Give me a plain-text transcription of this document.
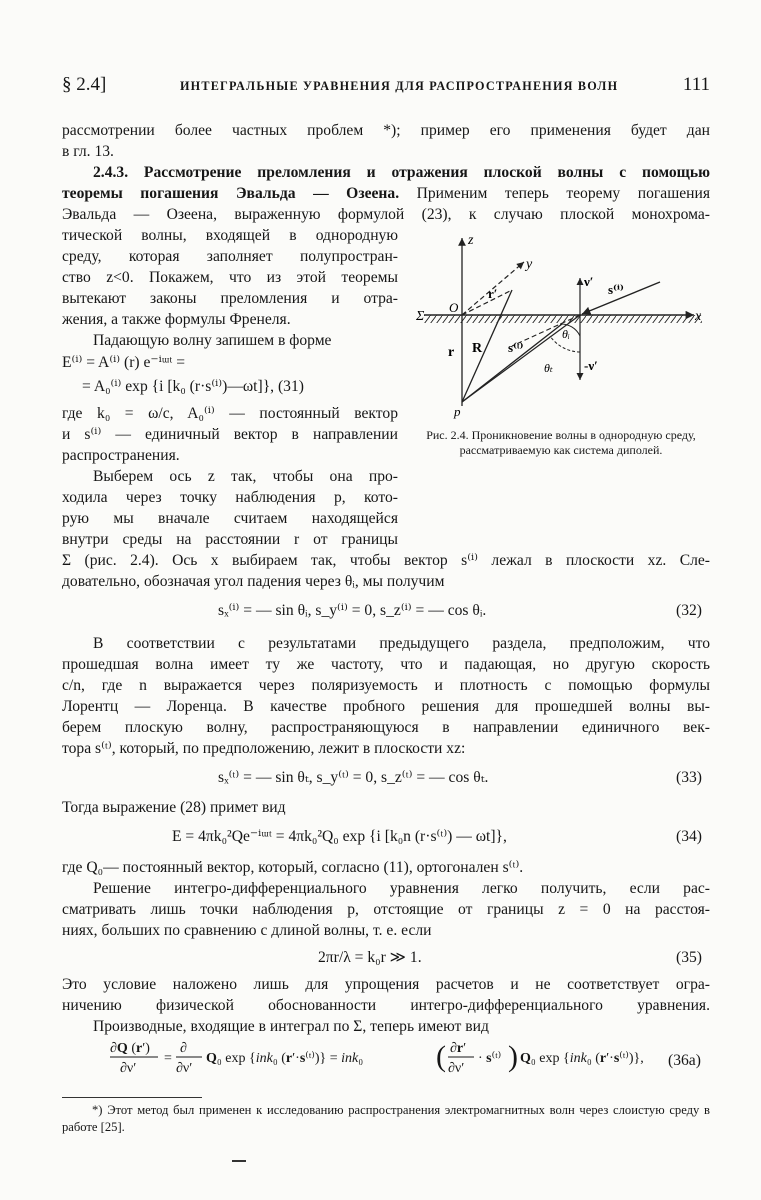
§ 2.4]	ИНТЕГРАЛЬНЫЕ УРАВНЕНИЯ ДЛЯ РАСПРОСТРАНЕНИЯ ВОЛН	111
рассмотрении более частных проблем *); пример его применения будет дан
в гл. 13.
2.4.3. Рассмотрение преломления и отражения плоской волны с помощью
теоремы погашения Эвальда — Озеена. Применим теперь теорему погашения
Эвальда — Озеена, выраженную формулой (23), к случаю плоской монохрома-
тической волны, входящей в однородную
среду, которая заполняет полупростран-
ство z<0. Покажем, что из этой теоремы
вытекают законы преломления и отра-
жения, а также формулы Френеля.
Падающую волну запишем в форме
E⁽ⁱ⁾ = A⁽ⁱ⁾ (r) e⁻ⁱᵚᵗ =
= A₀⁽ⁱ⁾ exp {i [k₀ (r·s⁽ⁱ⁾)—ωt]}, (31)
где k₀ = ω/c, A₀⁽ⁱ⁾ — постоянный вектор
и s⁽ⁱ⁾ — единичный вектор в направлении
распространения.
Выберем ось z так, чтобы она про-
ходила через точку наблюдения p, кото-
рую мы вначале считаем находящейся
внутри среды на расстоянии r от границы
z
y
x
Σ
O
r′
ν′
s⁽ⁱ⁾
r R s⁽ᵗ⁾
θᵢ
θₜ -ν′
p
Рис. 2.4. Проникновение волны в однородную среду, рассматриваемую как система диполей.
Σ (рис. 2.4). Ось x выбираем так, чтобы вектор s⁽ⁱ⁾ лежал в плоскости xz. Сле-
довательно, обозначая угол падения через θᵢ, мы получим
sₓ⁽ⁱ⁾ = — sin θᵢ, s_y⁽ⁱ⁾ = 0, s_z⁽ⁱ⁾ = — cos θᵢ.	(32)
В соответствии с результатами предыдущего раздела, предположим, что
прошедшая волна имеет ту же частоту, что и падающая, но другую скорость
c/n, где n выражается через поляризуемость и плотность с помощью формулы
Лорентц — Лоренца. В качестве пробного решения для прошедшей волны вы-
берем плоскую волну, распространяющуюся в направлении единичного век-
тора s⁽ᵗ⁾, который, по предположению, лежит в плоскости xz:
sₓ⁽ᵗ⁾ = — sin θₜ, s_y⁽ᵗ⁾ = 0, s_z⁽ᵗ⁾ = — cos θₜ.	(33)
Тогда выражение (28) примет вид
E = 4πk₀²Qe⁻ⁱᵚᵗ = 4πk₀²Q₀ exp {i [k₀n (r·s⁽ᵗ⁾) — ωt]},	(34)
где Q₀— постоянный вектор, который, согласно (11), ортогонален s⁽ᵗ⁾.
Решение интегро-дифференциального уравнения легко получить, если рас-
сматривать лишь точки наблюдения p, отстоящие от границы z = 0 на расстоя-
ниях, больших по сравнению с длиной волны, т. е. если
2πr/λ = k₀r ≫ 1.	(35)
Это условие наложено лишь для упрощения расчетов и не соответствует огра-
ничению физической обоснованности интегро-дифференциального уравнения.
Производные, входящие в интеграл по Σ, теперь имеют вид
∂Q (r′)
∂ν′
=
∂
∂ν′
Q₀ exp {ink₀ (r′·s⁽ᵗ⁾)} = ink₀ ( ∂r′
∂ν′
· s⁽ᵗ⁾ ) Q₀ exp {ink₀ (r′·s⁽ᵗ⁾)}, (36а)
*) Этот метод был применен к исследованию распространения электромагнитных волн через слоистую среду в работе [25].
